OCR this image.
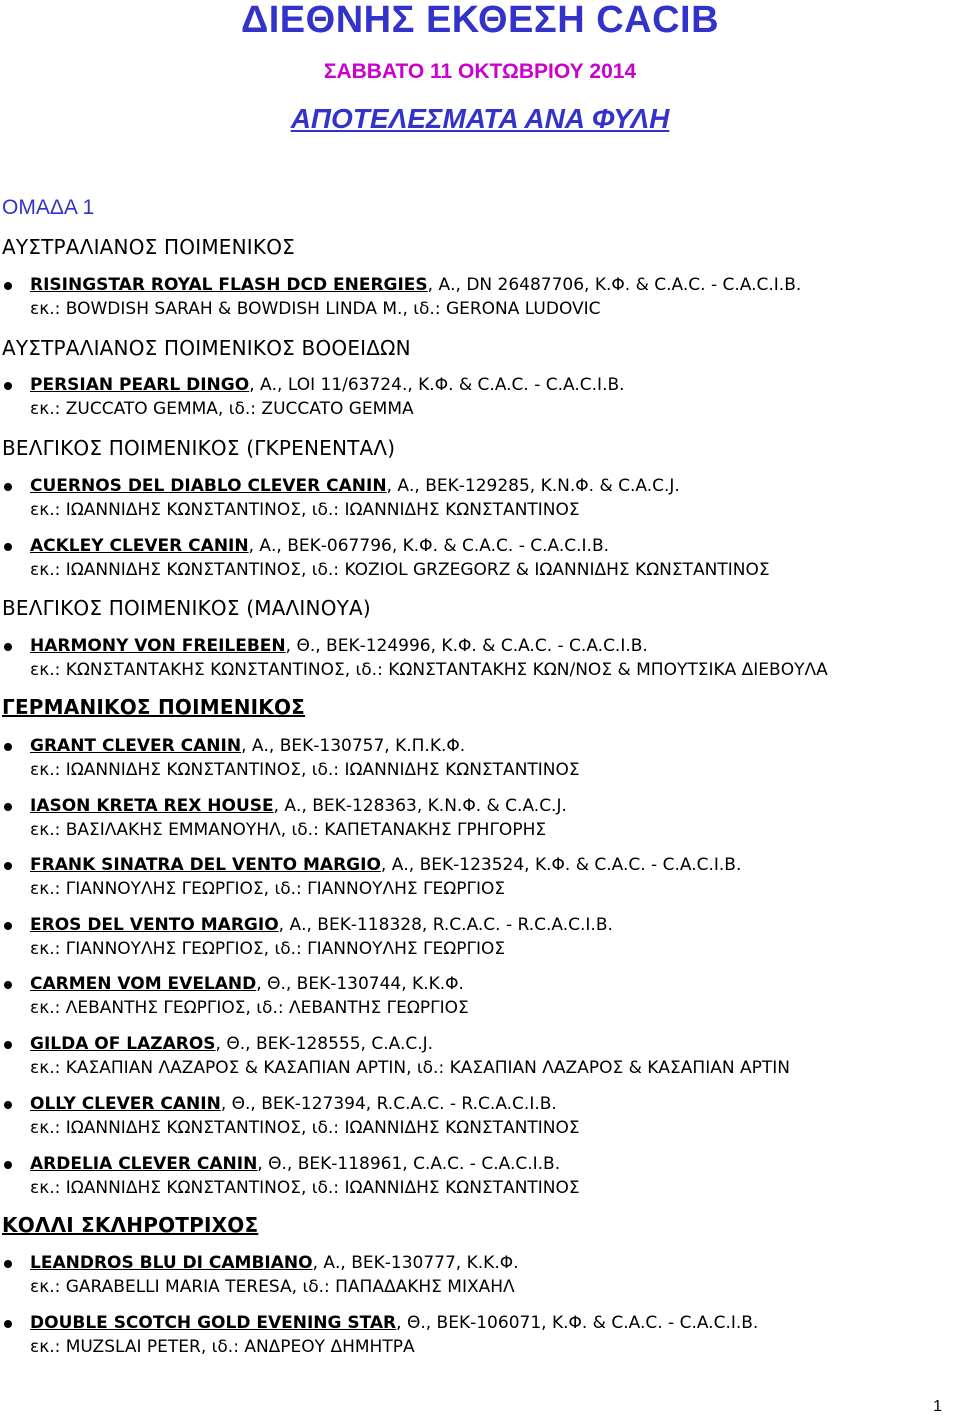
ΔΙΕΘΝΗΣ ΕΚΘΕΣΗ CACIB
ΣΑΒΒΑΤΟ 11 ΟΚΤΩΒΡΙΟΥ 2014
ΑΠΟΤΕΛΕΣΜΑΤΑ ΑΝΑ ΦΥΛΗ
ΟΜΑΔΑ 1
ΑΥΣΤΡΑΛΙΑΝΟΣ ΠΟΙΜΕΝΙΚΟΣ
RISINGSTAR ROYAL FLASH DCD ENERGIES, Α., DN 26487706, Κ.Φ. & C.A.C. - C.A.C.I.B.
εκ.: BOWDISH SARAH & BOWDISH LINDA M., ιδ.: GERONA LUDOVIC
ΑΥΣΤΡΑΛΙΑΝΟΣ ΠΟΙΜΕΝΙΚΟΣ ΒΟΟΕΙΔΩΝ
PERSIAN PEARL DINGO, Α., LOI 11/63724., Κ.Φ. & C.A.C. - C.A.C.I.B.
εκ.: ZUCCATO GEMMA, ιδ.: ZUCCATO GEMMA
ΒΕΛΓΙΚΟΣ ΠΟΙΜΕΝΙΚΟΣ (ΓΚΡΕΝΕΝΤΑΛ)
CUERNOS DEL DIABLO CLEVER CANIN, Α., ΒΕΚ-129285, Κ.Ν.Φ. & C.A.C.J.
εκ.: ΙΩΑΝΝΙΔΗΣ ΚΩΝΣΤΑΝΤΙΝΟΣ, ιδ.: ΙΩΑΝΝΙΔΗΣ ΚΩΝΣΤΑΝΤΙΝΟΣ
ACKLEY CLEVER CANIN, Α., ΒΕΚ-067796, Κ.Φ. & C.A.C. - C.A.C.I.B.
εκ.: ΙΩΑΝΝΙΔΗΣ ΚΩΝΣΤΑΝΤΙΝΟΣ, ιδ.: KOZIOL GRZEGORZ & ΙΩΑΝΝΙΔΗΣ ΚΩΝΣΤΑΝΤΙΝΟΣ
ΒΕΛΓΙΚΟΣ ΠΟΙΜΕΝΙΚΟΣ (ΜΑΛΙΝΟΥΑ)
HARMONY VON FREILEBEN, Θ., ΒΕΚ-124996, Κ.Φ. & C.A.C. - C.A.C.I.B.
εκ.: ΚΩΝΣΤΑΝΤΑΚΗΣ ΚΩΝΣΤΑΝΤΙΝΟΣ, ιδ.: ΚΩΝΣΤΑΝΤΑΚΗΣ ΚΩΝ/ΝΟΣ & ΜΠΟΥΤΣΙΚΑ ΔΙΕΒΟΥΛΑ
ΓΕΡΜΑΝΙΚΟΣ ΠΟΙΜΕΝΙΚΟΣ
GRANT CLEVER CANIN, Α., ΒΕΚ-130757, Κ.Π.Κ.Φ.
εκ.: ΙΩΑΝΝΙΔΗΣ ΚΩΝΣΤΑΝΤΙΝΟΣ, ιδ.: ΙΩΑΝΝΙΔΗΣ ΚΩΝΣΤΑΝΤΙΝΟΣ
IASON KRETA REX HOUSE, Α., ΒΕΚ-128363, Κ.Ν.Φ. & C.A.C.J.
εκ.: ΒΑΣΙΛΑΚΗΣ ΕΜΜΑΝΟΥΗΛ, ιδ.: ΚΑΠΕΤΑΝΑΚΗΣ ΓΡΗΓΟΡΗΣ
FRANK SINATRA DEL VENTO MARGIO, Α., ΒΕΚ-123524, Κ.Φ. & C.A.C. - C.A.C.I.B.
εκ.: ΓΙΑΝΝΟΥΛΗΣ ΓΕΩΡΓΙΟΣ, ιδ.: ΓΙΑΝΝΟΥΛΗΣ ΓΕΩΡΓΙΟΣ
EROS DEL VENTO MARGIO, Α., ΒΕΚ-118328, R.C.A.C. - R.C.A.C.I.B.
εκ.: ΓΙΑΝΝΟΥΛΗΣ ΓΕΩΡΓΙΟΣ, ιδ.: ΓΙΑΝΝΟΥΛΗΣ ΓΕΩΡΓΙΟΣ
CARMEN VOM EVELAND, Θ., ΒΕΚ-130744, Κ.Κ.Φ.
εκ.: ΛΕΒΑΝΤΗΣ ΓΕΩΡΓΙΟΣ, ιδ.: ΛΕΒΑΝΤΗΣ ΓΕΩΡΓΙΟΣ
GILDA OF LAZAROS, Θ., ΒΕΚ-128555, C.A.C.J.
εκ.: ΚΑΣΑΠΙΑΝ ΛΑΖΑΡΟΣ & ΚΑΣΑΠΙΑΝ ΑΡΤΙΝ, ιδ.: ΚΑΣΑΠΙΑΝ ΛΑΖΑΡΟΣ & ΚΑΣΑΠΙΑΝ ΑΡΤΙΝ
OLLY CLEVER CANIN, Θ., ΒΕΚ-127394, R.C.A.C. - R.C.A.C.I.B.
εκ.: ΙΩΑΝΝΙΔΗΣ ΚΩΝΣΤΑΝΤΙΝΟΣ, ιδ.: ΙΩΑΝΝΙΔΗΣ ΚΩΝΣΤΑΝΤΙΝΟΣ
ARDELIA CLEVER CANIN, Θ., ΒΕΚ-118961, C.A.C. - C.A.C.I.B.
εκ.: ΙΩΑΝΝΙΔΗΣ ΚΩΝΣΤΑΝΤΙΝΟΣ, ιδ.: ΙΩΑΝΝΙΔΗΣ ΚΩΝΣΤΑΝΤΙΝΟΣ
ΚΟΛΛΙ ΣΚΛΗΡΟΤΡΙΧΟΣ
LEANDROS BLU DI CAMBIANO, Α., ΒΕΚ-130777, Κ.Κ.Φ.
εκ.: GARABELLI MARIA TERESA, ιδ.: ΠΑΠΑΔΑΚΗΣ ΜΙΧΑΗΛ
DOUBLE SCOTCH GOLD EVENING STAR, Θ., ΒΕΚ-106071, Κ.Φ. & C.A.C. - C.A.C.I.B.
εκ.: MUZSLAI PETER, ιδ.: ΑΝΔΡΕΟΥ ΔΗΜΗΤΡΑ
1
